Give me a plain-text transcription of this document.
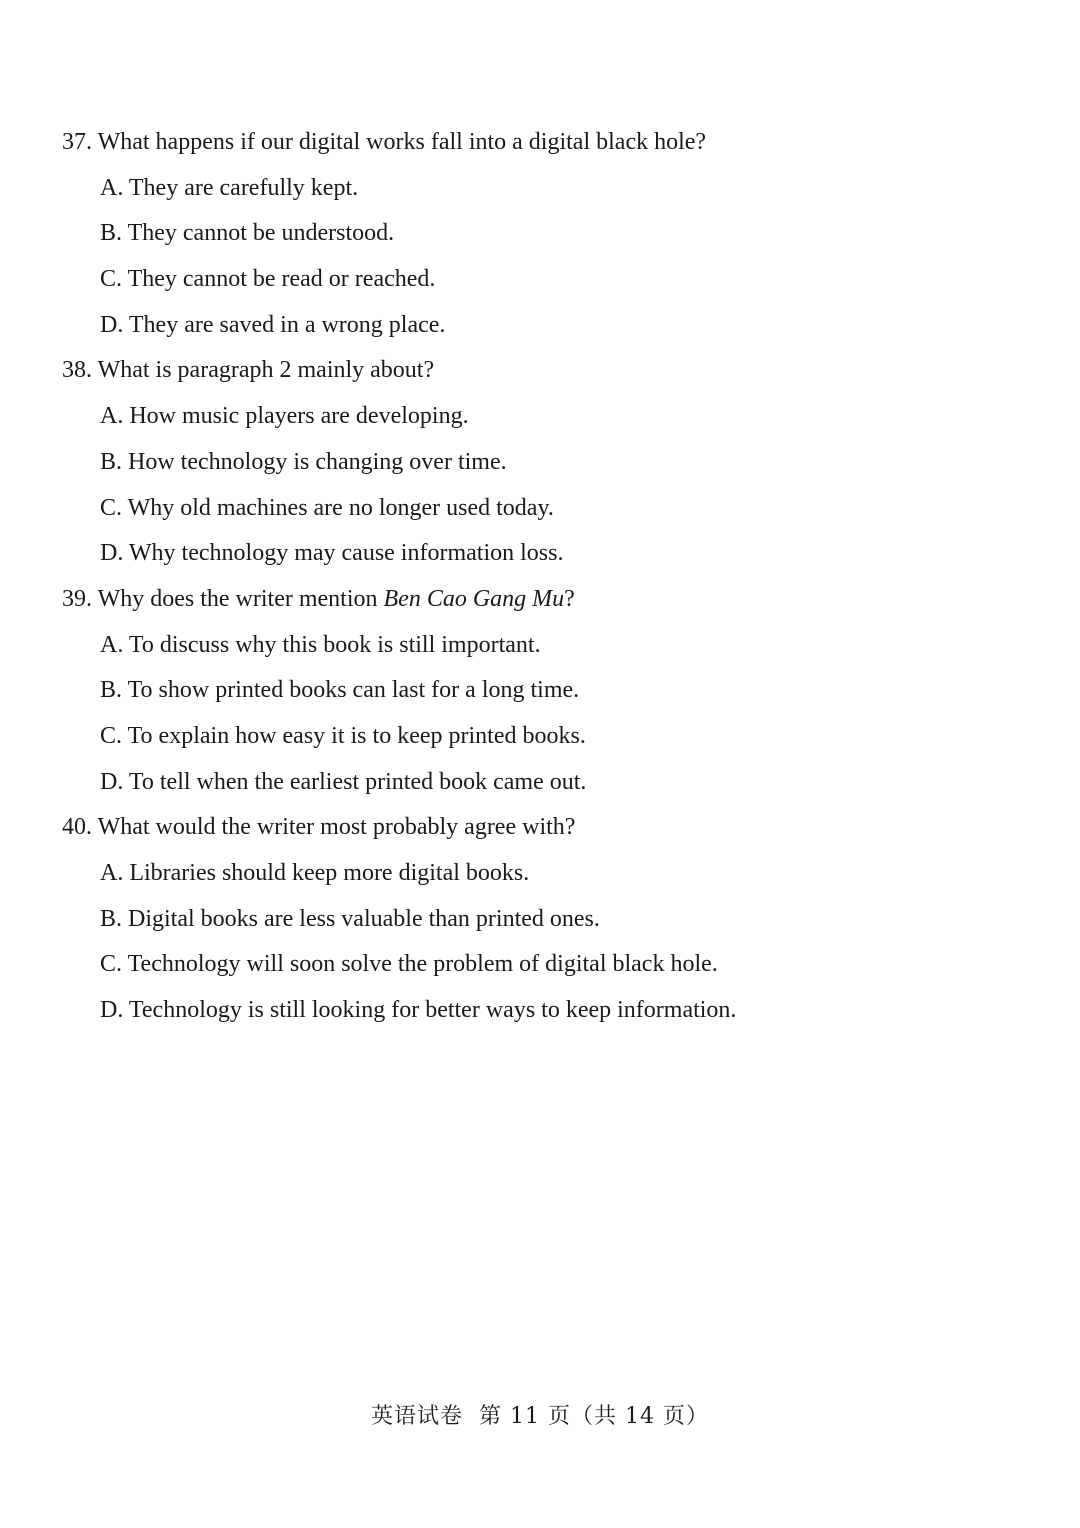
37. What happens if our digital works fall into a digital black hole?
A. They are carefully kept.
B. They cannot be understood.
C. They cannot be read or reached.
D. They are saved in a wrong place.
38. What is paragraph 2 mainly about?
A. How music players are developing.
B. How technology is changing over time.
C. Why old machines are no longer used today.
D. Why technology may cause information loss.
39. Why does the writer mention Ben Cao Gang Mu?
A. To discuss why this book is still important.
B. To show printed books can last for a long time.
C. To explain how easy it is to keep printed books.
D. To tell when the earliest printed book came out.
40. What would the writer most probably agree with?
A. Libraries should keep more digital books.
B. Digital books are less valuable than printed ones.
C. Technology will soon solve the problem of digital black hole.
D. Technology is still looking for better ways to keep information.
英语试卷 第 11 页（共 14 页）
